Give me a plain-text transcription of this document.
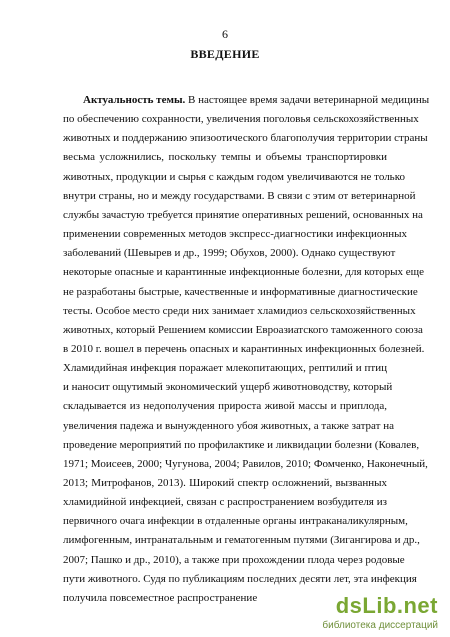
6
ВВЕДЕНИЕ
Актуальность темы. В настоящее время задачи ветеринарной медицины
по обеспечению сохранности, увеличения поголовья сельскохозяйственных
животных и поддержанию эпизоотического благополучия территории страны
весьма усложнились, поскольку темпы и объемы транспортировки
животных, продукции и сырья с каждым годом увеличиваются не только
внутри страны, но и между государствами. В связи с этим от ветеринарной
службы зачастую требуется принятие оперативных решений, основанных на
применении современных методов экспресс-диагностики инфекционных
заболеваний (Шевырев и др., 1999; Обухов, 2000). Однако существуют
некоторые опасные и карантинные инфекционные болезни, для которых еще
не разработаны быстрые, качественные и информативные диагностические
тесты. Особое место среди них занимает хламидиоз сельскохозяйственных
животных, который Решением комиссии Евроазиатского таможенного союза
в 2010 г. вошел в перечень опасных и карантинных инфекционных болезней.
Хламидийная инфекция поражает млекопитающих, рептилий и птиц
и наносит ощутимый экономический ущерб животноводству, который
складывается из недополучения прироста живой массы и приплода,
увеличения падежа и вынужденного убоя животных, а также затрат на
проведение мероприятий по профилактике и ликвидации болезни (Ковалев,
1971; Моисеев, 2000; Чугунова, 2004; Равилов, 2010; Фомченко, Наконечный,
2013; Митрофанов, 2013). Широкий спектр осложнений, вызванных
хламидийной инфекцией, связан с распространением возбудителя из
первичного очага инфекции в отдаленные органы интраканаликулярным,
лимфогенным, интранатальным и гематогенным путями (Зигангирова и др.,
2007; Пашко и др., 2010), а также при прохождении плода через родовые
пути животного. Судя по публикациям последних десяти лет, эта инфекция
получила повсеместное распространение	dsLib.net
библиотека диссертаций
